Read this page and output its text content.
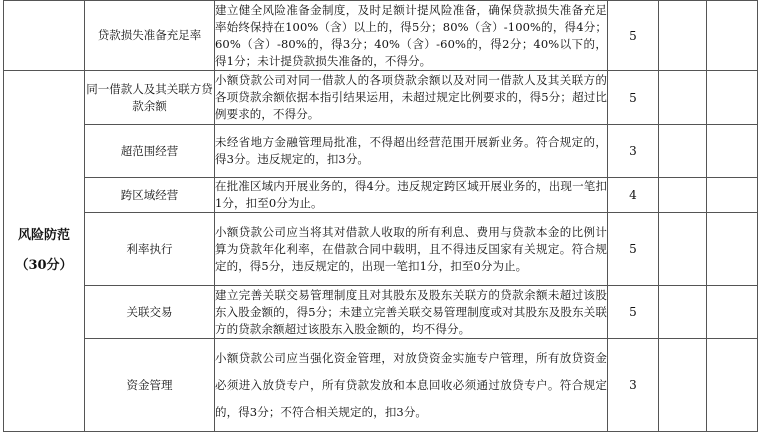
	贷款损失准备充足率	建立健全风险准备金制度，及时足额计提风险准备，确保贷款损失准备充足率始终保持在100%（含）以上的，得5分；80%（含）-100%的，得4分；60%（含）-80%的，得3分；40%（含）-60%的，得2分；40%以下的，得1分；未计提贷款损失准备的，不得分。	5		

风险防范
（30分）	同一借款人及其关联方贷款余额	小额贷款公司对同一借款人的各项贷款余额以及对同一借款人及其关联方的各项贷款余额依据本指引结果运用，未超过规定比例要求的，得5分；超过比例要求的，不得分。	5		
	超范围经营	未经省地方金融管理局批准，不得超出经营范围开展新业务。符合规定的，得3分。违反规定的，扣3分。	3		
	跨区域经营	在批准区域内开展业务的，得4分。违反规定跨区域开展业务的，出现一笔扣1分，扣至0分为止。	4		
	利率执行	小额贷款公司应当将其对借款人收取的所有利息、费用与贷款本金的比例计算为贷款年化利率，在借款合同中载明，且不得违反国家有关规定。符合规定的，得5分，违反规定的，出现一笔扣1分，扣至0分为止。	5		
	关联交易	建立完善关联交易管理制度且对其股东及股东关联方的贷款余额未超过该股东入股金额的，得5分；未建立完善关联交易管理制度或对其股东及股东关联方的贷款余额超过该股东入股金额的，均不得分。	5		
	资金管理	小额贷款公司应当强化资金管理，对放贷资金实施专户管理，所有放贷资金必须进入放贷专户，所有贷款发放和本息回收必须通过放贷专户。符合规定的，得3分；不符合相关规定的，扣3分。	3		
